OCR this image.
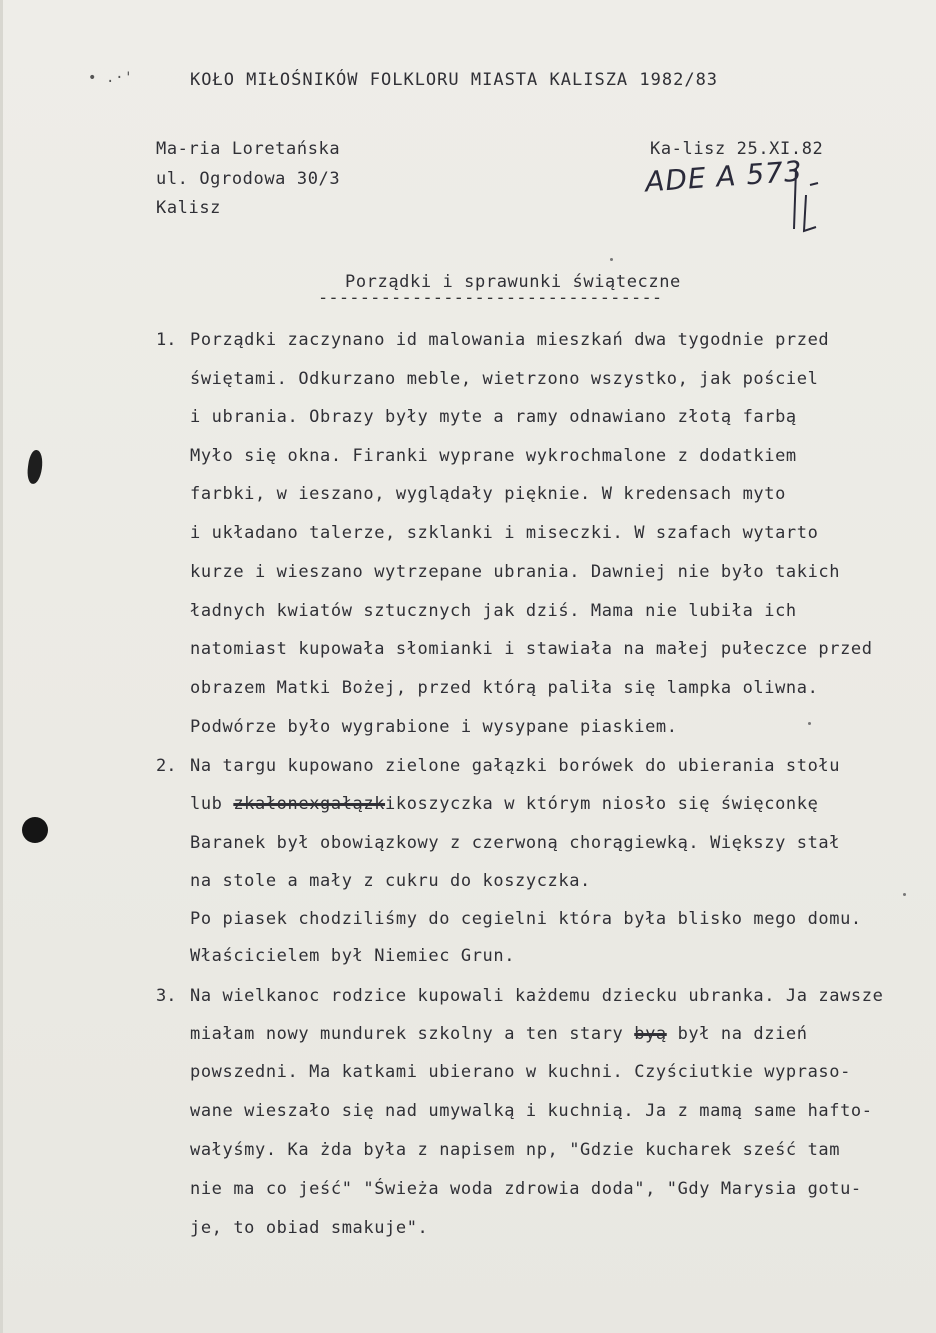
• .·'	KOŁO MIŁOŚNIKÓW FOLKLORU MIASTA KALISZA 1982/83
Ma-ria Loretańska
ul. Ogrodowa 30/3
Kalisz
Ka-lisz 25.XI.82
ADE A 573
Porządki i sprawunki świąteczne
---------------------------------
1. Porządki zaczynano id malowania mieszkań dwa tygodnie przed
świętami. Odkurzano meble, wietrzono wszystko, jak pościel
i ubrania. Obrazy były myte a ramy odnawiano złotą farbą
Myło się okna. Firanki wyprane wykrochmalone z dodatkiem
farbki, w ieszano, wyglądały pięknie. W kredensach myto
i układano talerze, szklanki i miseczki. W szafach wytarto
kurze i wieszano wytrzepane ubrania. Dawniej nie było takich
ładnych kwiatów sztucznych jak dziś. Mama nie lubiła ich
natomiast kupowała słomianki i stawiała na małej pułeczce przed
obrazem Matki Bożej, przed którą paliła się lampka oliwna.
Podwórze było wygrabione i wysypane piaskiem.
2. Na targu kupowano zielone gałązki borówek do ubierania stołu
lub zkałonexgałązkikoszyczka w którym niosło się święconkę
Baranek był obowiązkowy z czerwoną chorągiewką. Większy stał
na stole a mały z cukru do koszyczka.
Po piasek chodziliśmy do cegielni która była blisko mego domu.
Właścicielem był Niemiec Grun.
3. Na wielkanoc rodzice kupowali każdemu dziecku ubranka. Ja zawsze
miałam nowy mundurek szkolny a ten stary byą był na dzień
powszedni. Ma katkami ubierano w kuchni. Czyściutkie wypraso-
wane wieszało się nad umywalką i kuchnią. Ja z mamą same hafto-
wałyśmy. Ka żda była z napisem np, "Gdzie kucharek sześć tam
nie ma co jeść" "Świeża woda zdrowia doda", "Gdy Marysia gotu-
je, to obiad smakuje".
